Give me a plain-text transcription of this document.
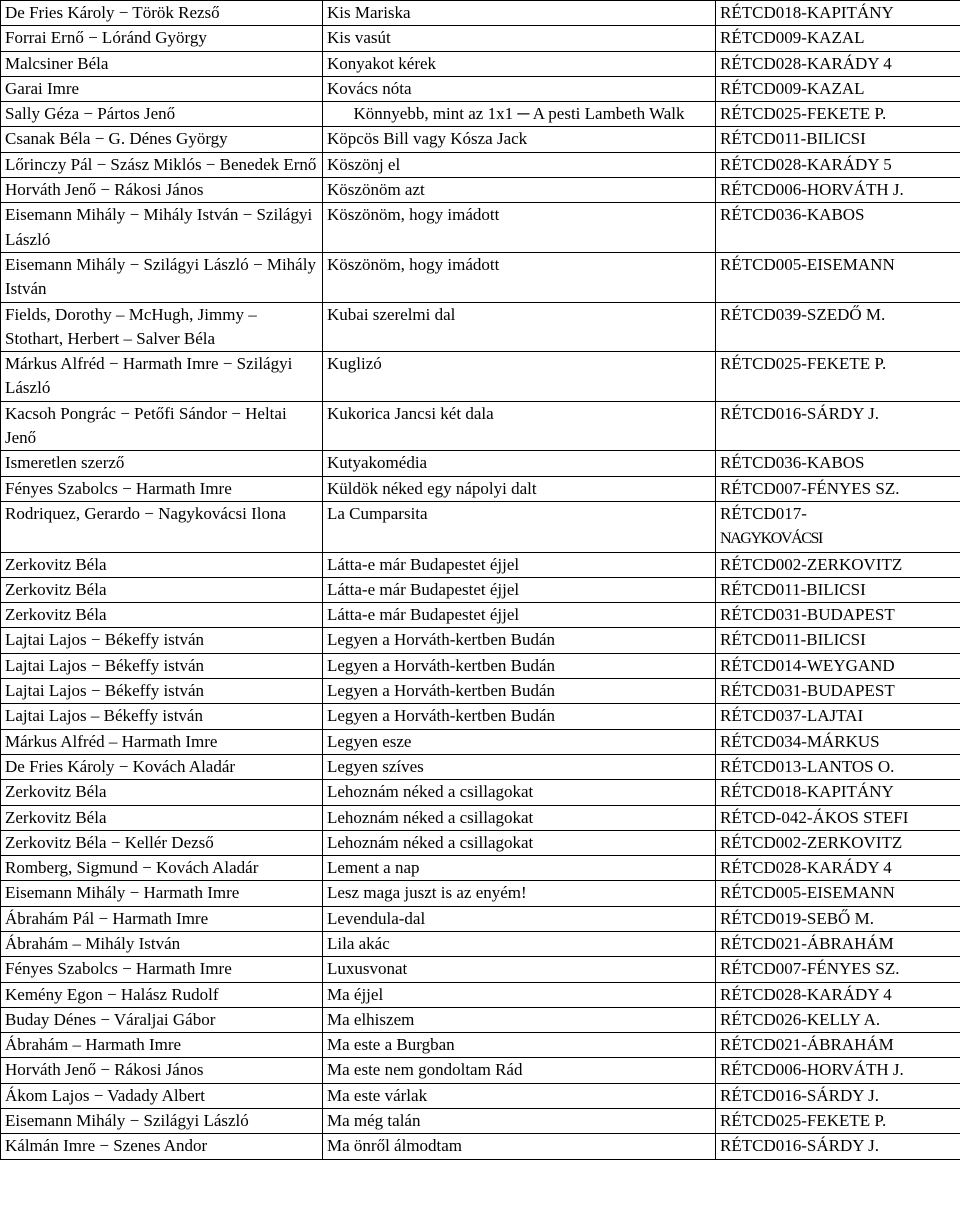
De Fries Károly − Török Rezső	Kis Mariska	RÉTCD018-KAPITÁNY
Forrai Ernő − Lóránd György	Kis vasút	RÉTCD009-KAZAL
Malcsiner Béla	Konyakot kérek	RÉTCD028-KARÁDY 4
Garai Imre	Kovács nóta	RÉTCD009-KAZAL
Sally Géza − Pártos Jenő	Könnyebb, mint az 1x1 ─ A pesti Lambeth Walk	RÉTCD025-FEKETE P.
Csanak Béla − G. Dénes György	Köpcös Bill vagy Kósza Jack	RÉTCD011-BILICSI
Lőrinczy Pál − Szász Miklós − Benedek Ernő	Köszönj el	RÉTCD028-KARÁDY 5
Horváth Jenő − Rákosi János	Köszönöm azt	RÉTCD006-HORVÁTH J.
Eisemann Mihály − Mihály István − Szilágyi László	Köszönöm, hogy imádott	RÉTCD036-KABOS
Eisemann Mihály − Szilágyi László − Mihály István	Köszönöm, hogy imádott	RÉTCD005-EISEMANN
Fields, Dorothy – McHugh, Jimmy – Stothart, Herbert – Salver Béla	Kubai szerelmi dal	RÉTCD039-SZEDŐ M.
Márkus Alfréd − Harmath Imre − Szilágyi László	Kuglizó	RÉTCD025-FEKETE P.
Kacsoh Pongrác − Petőfi Sándor − Heltai Jenő	Kukorica Jancsi két dala	RÉTCD016-SÁRDY J.
Ismeretlen szerző	Kutyakomédia	RÉTCD036-KABOS
Fényes Szabolcs − Harmath Imre	Küldök néked egy nápolyi dalt	RÉTCD007-FÉNYES SZ.
Rodriquez, Gerardo − Nagykovácsi Ilona	La Cumparsita	RÉTCD017-
NAGYKOVÁCSI
Zerkovitz Béla	Látta-e már Budapestet éjjel	RÉTCD002-ZERKOVITZ
Zerkovitz Béla	Látta-e már Budapestet éjjel	RÉTCD011-BILICSI
Zerkovitz Béla	Látta-e már Budapestet éjjel	RÉTCD031-BUDAPEST
Lajtai Lajos − Békeffy istván	Legyen a Horváth-kertben Budán	RÉTCD011-BILICSI
Lajtai Lajos − Békeffy istván	Legyen a Horváth-kertben Budán	RÉTCD014-WEYGAND
Lajtai Lajos − Békeffy istván	Legyen a Horváth-kertben Budán	RÉTCD031-BUDAPEST
Lajtai Lajos – Békeffy istván	Legyen a Horváth-kertben Budán	RÉTCD037-LAJTAI
Márkus Alfréd – Harmath Imre	Legyen esze	RÉTCD034-MÁRKUS
De Fries Károly − Kovách Aladár	Legyen szíves	RÉTCD013-LANTOS O.
Zerkovitz Béla	Lehoznám néked a csillagokat	RÉTCD018-KAPITÁNY
Zerkovitz Béla	Lehoznám néked a csillagokat	RÉTCD-042-ÁKOS STEFI
Zerkovitz Béla − Kellér Dezső	Lehoznám néked a csillagokat	RÉTCD002-ZERKOVITZ
Romberg, Sigmund − Kovách Aladár	Lement a nap	RÉTCD028-KARÁDY 4
Eisemann Mihály − Harmath Imre	Lesz maga juszt is az enyém!	RÉTCD005-EISEMANN
Ábrahám Pál − Harmath Imre	Levendula-dal	RÉTCD019-SEBŐ M.
Ábrahám – Mihály István	Lila akác	RÉTCD021-ÁBRAHÁM
Fényes Szabolcs − Harmath Imre	Luxusvonat	RÉTCD007-FÉNYES SZ.
Kemény Egon − Halász Rudolf	Ma éjjel	RÉTCD028-KARÁDY 4
Buday Dénes − Váraljai Gábor	Ma elhiszem	RÉTCD026-KELLY A.
Ábrahám – Harmath Imre	Ma este a Burgban	RÉTCD021-ÁBRAHÁM
Horváth Jenő − Rákosi János	Ma este nem gondoltam Rád	RÉTCD006-HORVÁTH J.
Ákom Lajos − Vadady Albert	Ma este várlak	RÉTCD016-SÁRDY J.
Eisemann Mihály − Szilágyi László	Ma még talán	RÉTCD025-FEKETE P.
Kálmán Imre − Szenes Andor	Ma önről álmodtam	RÉTCD016-SÁRDY J.
